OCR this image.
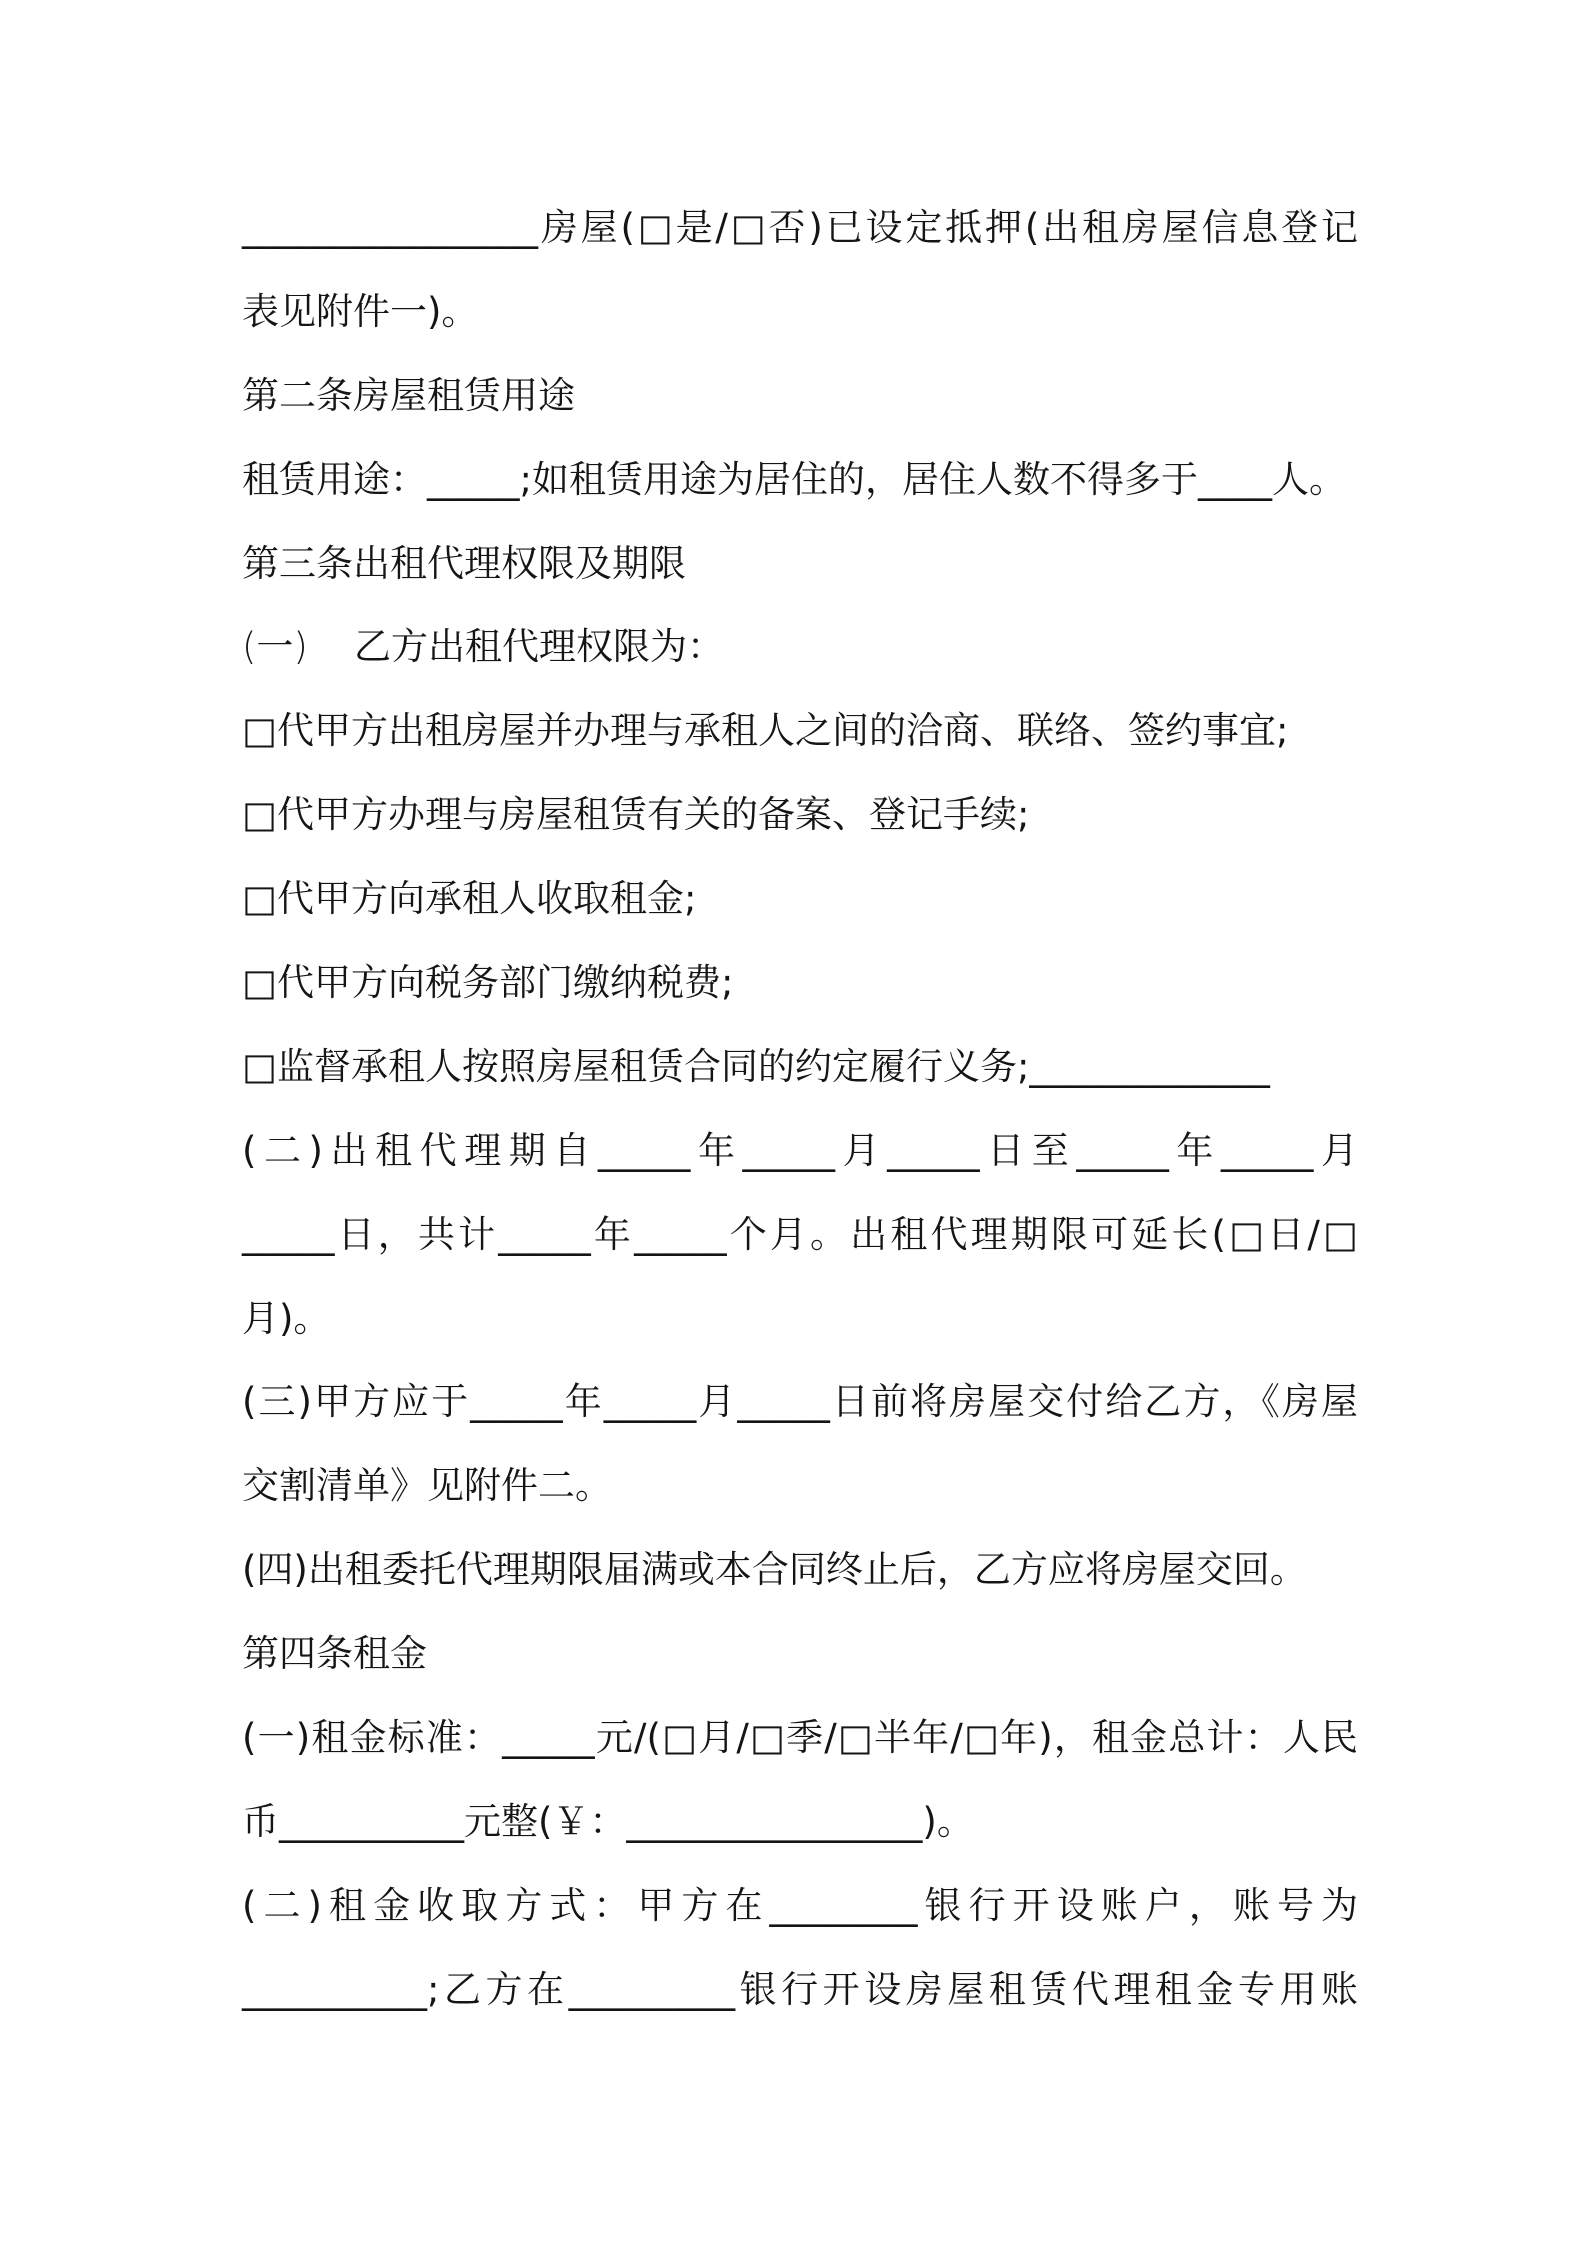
________________房屋(□是/□否)已设定抵押(出租房屋信息登记
表见附件一)。
第二条房屋租赁用途
租赁用途：_____;如租赁用途为居住的，居住人数不得多于____人。
第三条出租代理权限及期限
(一) 乙方出租代理权限为：
□代甲方出租房屋并办理与承租人之间的洽商、联络、签约事宜;
□代甲方办理与房屋租赁有关的备案、登记手续;
□代甲方向承租人收取租金;
□代甲方向税务部门缴纳税费;
□监督承租人按照房屋租赁合同的约定履行义务;_____________
(二)出租代理期自_____年_____月_____日至_____年_____月
_____日，共计_____年_____个月。出租代理期限可延长(□日/□
月)。
(三)甲方应于_____年_____月_____日前将房屋交付给乙方，《房屋
交割清单》见附件二。
(四)出租委托代理期限届满或本合同终止后，乙方应将房屋交回。
第四条租金
(一)租金标准：_____元/(□月/□季/□半年/□年)，租金总计：人民
币__________元整(￥：________________)。
(二)租金收取方式：甲方在________银行开设账户，账号为
__________;乙方在_________银行开设房屋租赁代理租金专用账
